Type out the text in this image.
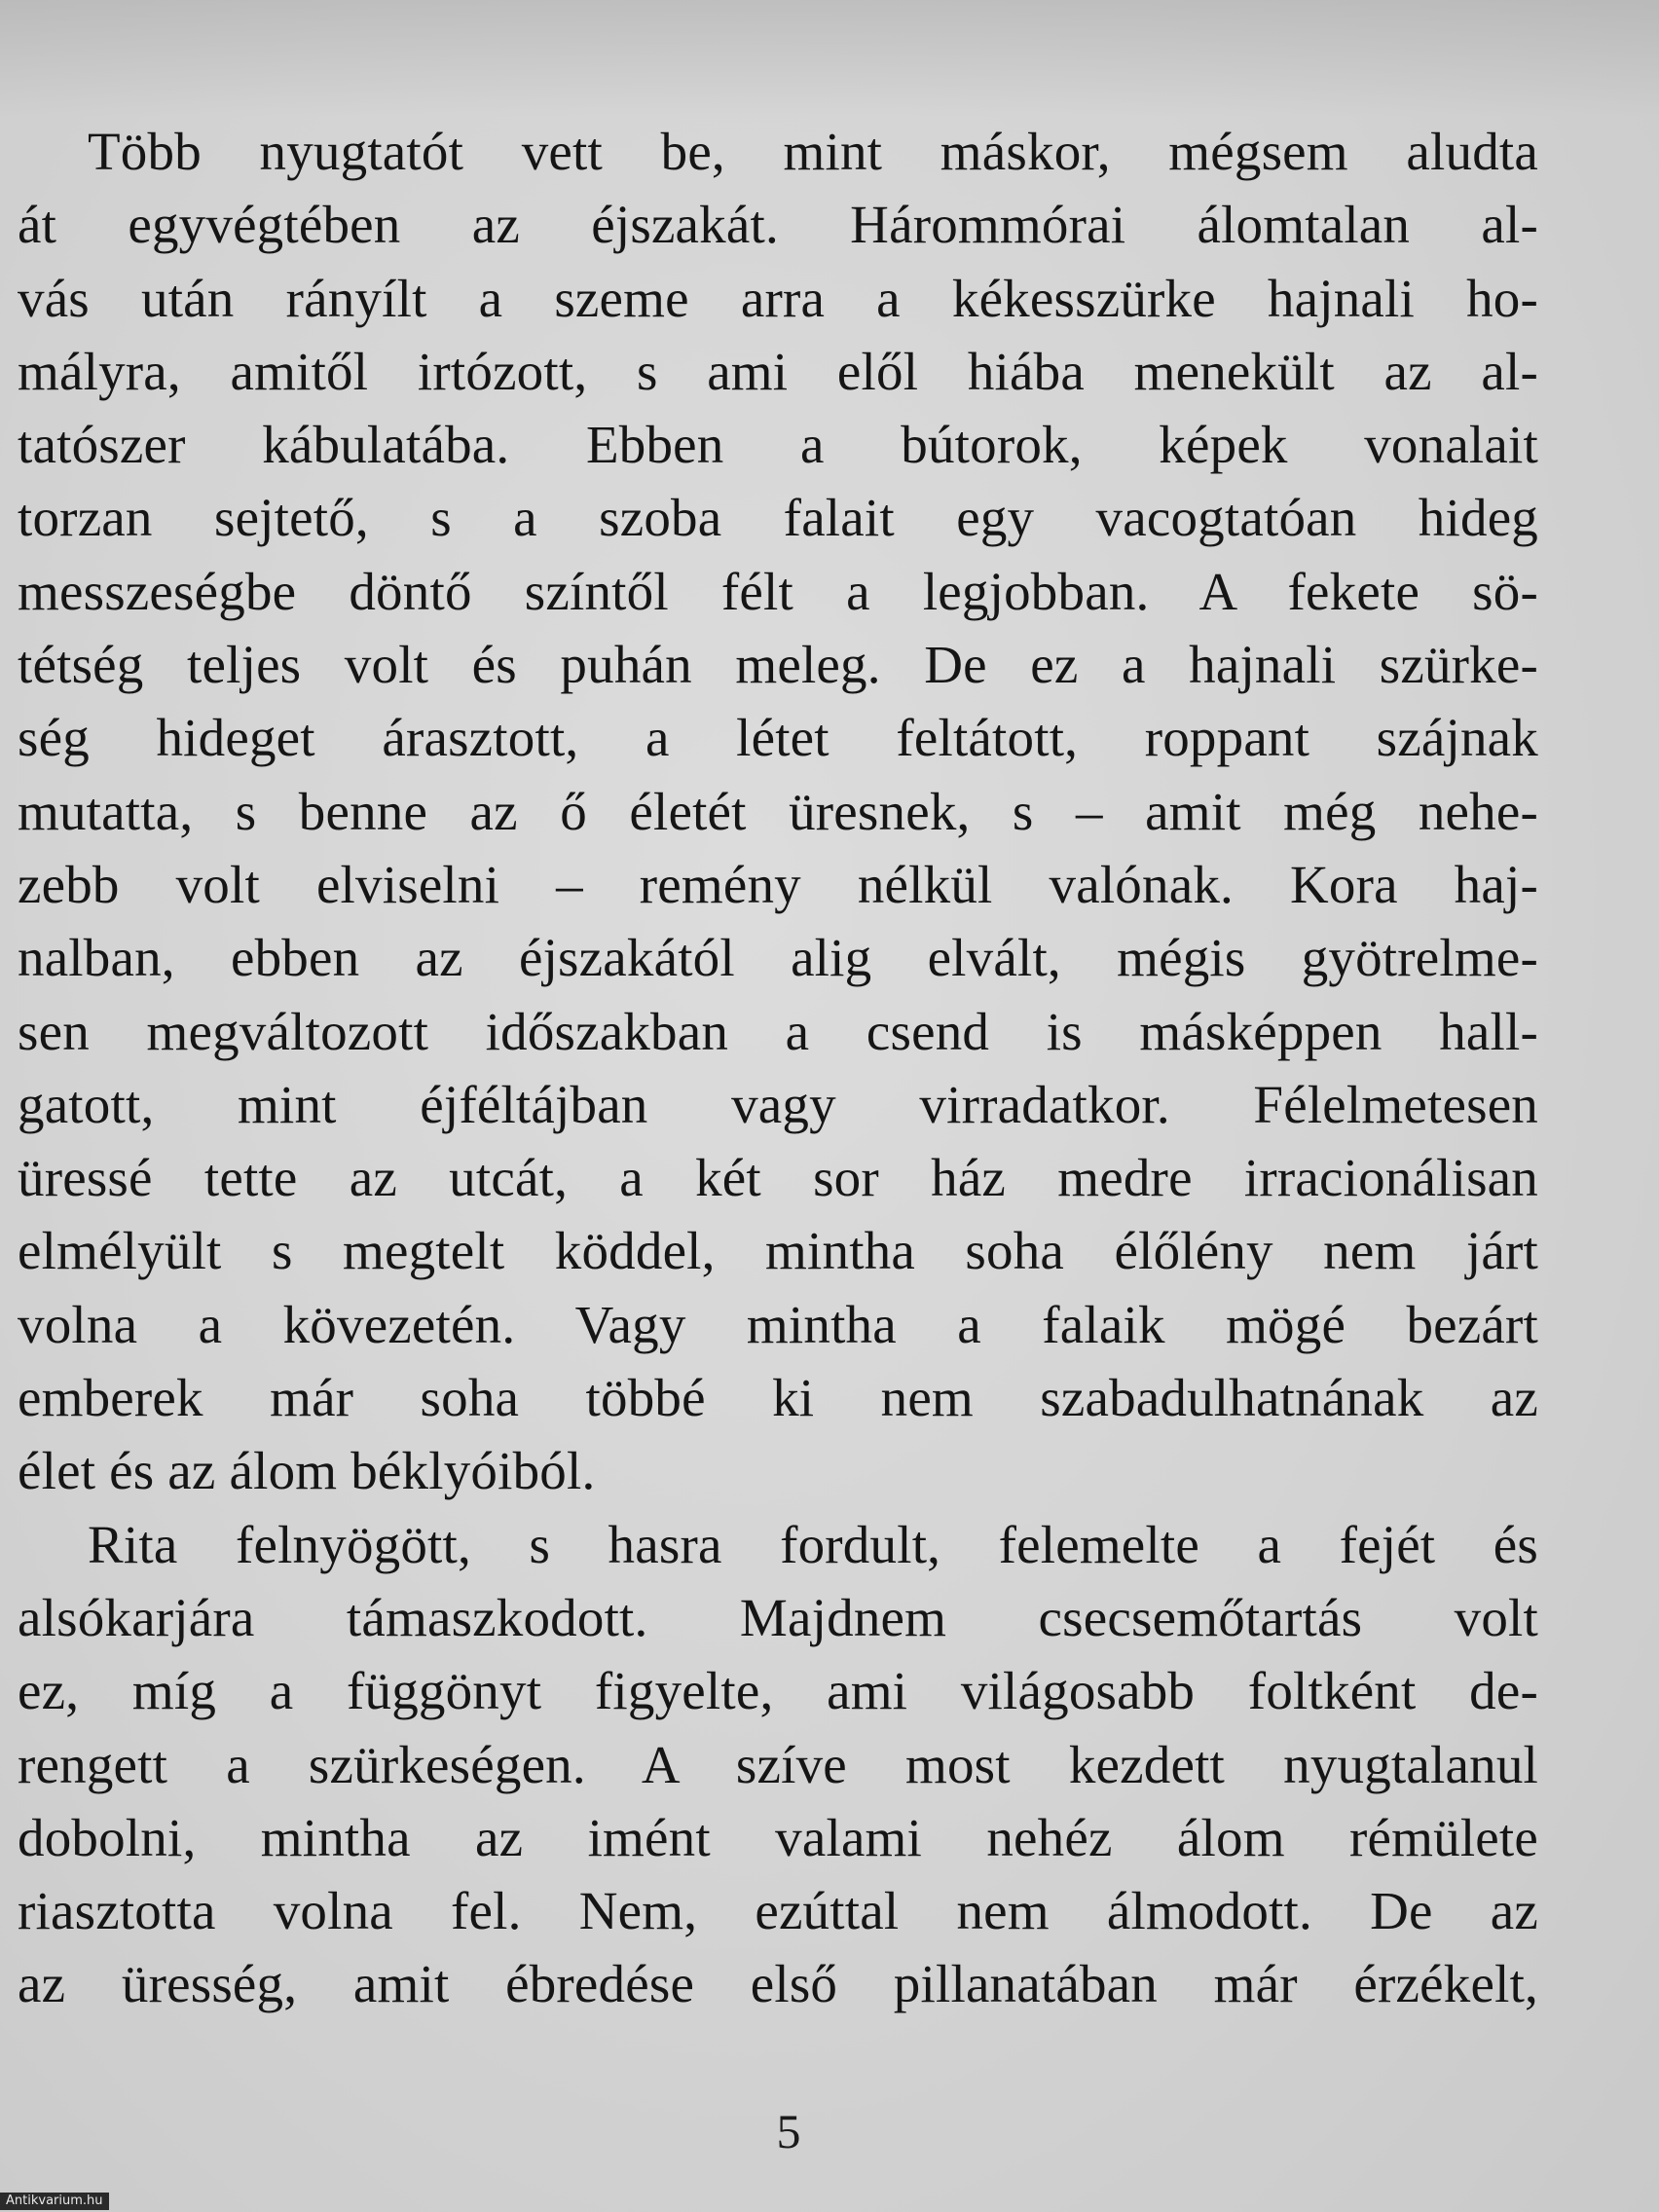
Több nyugtatót vett be, mint máskor, mégsem aludta
át egyvégtében az éjszakát. Hárommórai álomtalan al-
vás után rányílt a szeme arra a kékesszürke hajnali ho-
mályra, amitől irtózott, s ami elől hiába menekült az al-
tatószer kábulatába. Ebben a bútorok, képek vonalait
torzan sejtető, s a szoba falait egy vacogtatóan hideg
messzeségbe döntő színtől félt a legjobban. A fekete sö-
tétség teljes volt és puhán meleg. De ez a hajnali szürke-
ség hideget árasztott, a létet feltátott, roppant szájnak
mutatta, s benne az ő életét üresnek, s – amit még nehe-
zebb volt elviselni – remény nélkül valónak. Kora haj-
nalban, ebben az éjszakától alig elvált, mégis gyötrelme-
sen megváltozott időszakban a csend is másképpen hall-
gatott, mint éjféltájban vagy virradatkor. Félelmetesen
üressé tette az utcát, a két sor ház medre irracionálisan
elmélyült s megtelt köddel, mintha soha élőlény nem járt
volna a kövezetén. Vagy mintha a falaik mögé bezárt
emberek már soha többé ki nem szabadulhatnának az
élet és az álom béklyóiból.

Rita felnyögött, s hasra fordult, felemelte a fejét és
alsókarjára támaszkodott. Majdnem csecsemőtartás volt
ez, míg a függönyt figyelte, ami világosabb foltként de-
rengett a szürkeségen. A szíve most kezdett nyugtalanul
dobolni, mintha az imént valami nehéz álom rémülete
riasztotta volna fel. Nem, ezúttal nem álmodott. De az
az üresség, amit ébredése első pillanatában már érzékelt,

5
Antikvarium.hu
